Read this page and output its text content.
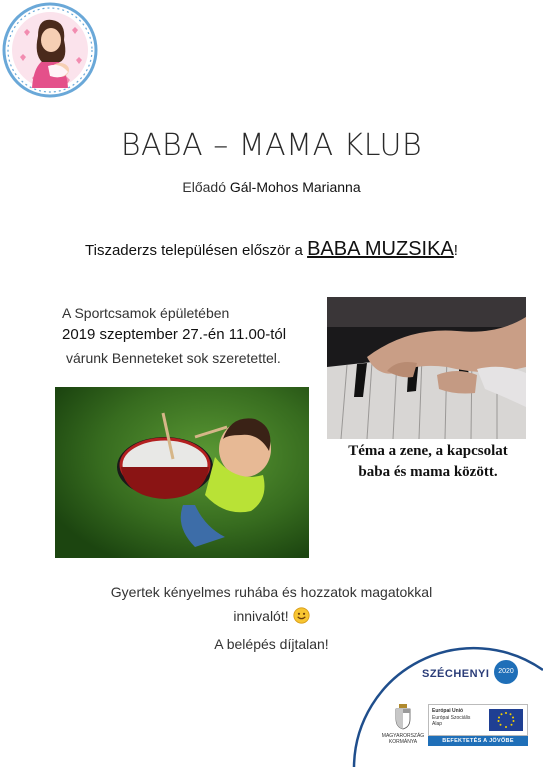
BABA – MAMA KLUB
Előadó Gál-Mohos Marianna
Tiszaderzs településen először a BABA MUZSIKA!
A Sportcsamok épületében
2019 szeptember 27.-én 11.00-tól
várunk Benneteket sok szeretettel.
Téma a zene, a kapcsolat
baba és mama között.
Gyertek kényelmes ruhába és hozzatok magatokkal
innivalót!
A belépés díjtalan!
SZÉCHENYI	2020
MAGYARORSZÁG
KORMÁNYA
Európai Unió
Európai Szociális
Alap
BEFEKTETÉS A JÖVŐBE
